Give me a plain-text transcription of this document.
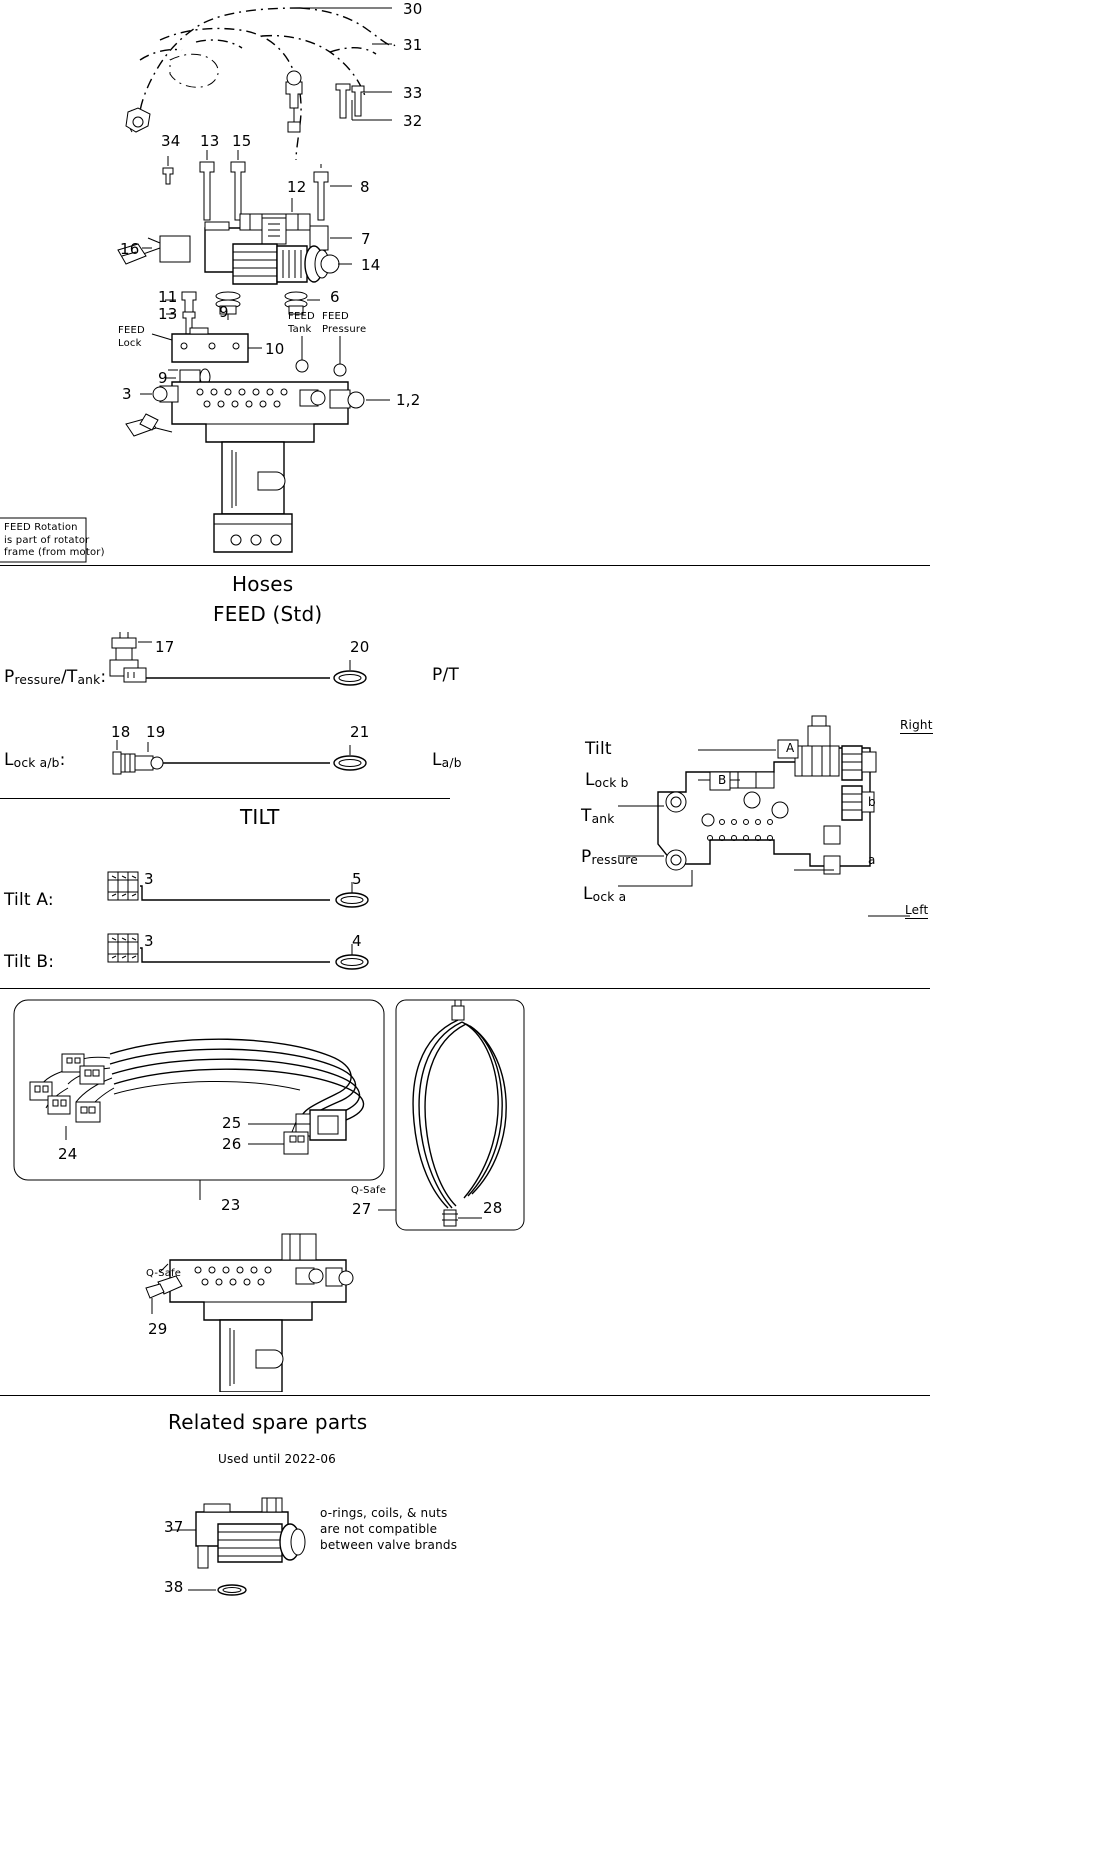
30
31
33
32
34 13 15
12	8
7
14
16
11
9
6
13
10
9
3	1,2
FEED
Lock
FEED
Tank
FEED
Pressure
FEED Rotation
is part of rotator
frame (from motor)
Hoses
FEED (Std)
Pressure/Tank:
17	20
P/T
Lock a/b:
18 19	21
La/b
TILT
Tilt A:
3	5
Tilt B:
3	4
b
a
Right
Left
Tilt
Lock b
Tank
Pressure
Lock a
A
B
24
25
26
23
Q-Safe
27	28
Q-Safe
29
Related spare parts
Used until 2022-06
37
38
o-rings, coils, & nuts
are not compatible
between valve brands
